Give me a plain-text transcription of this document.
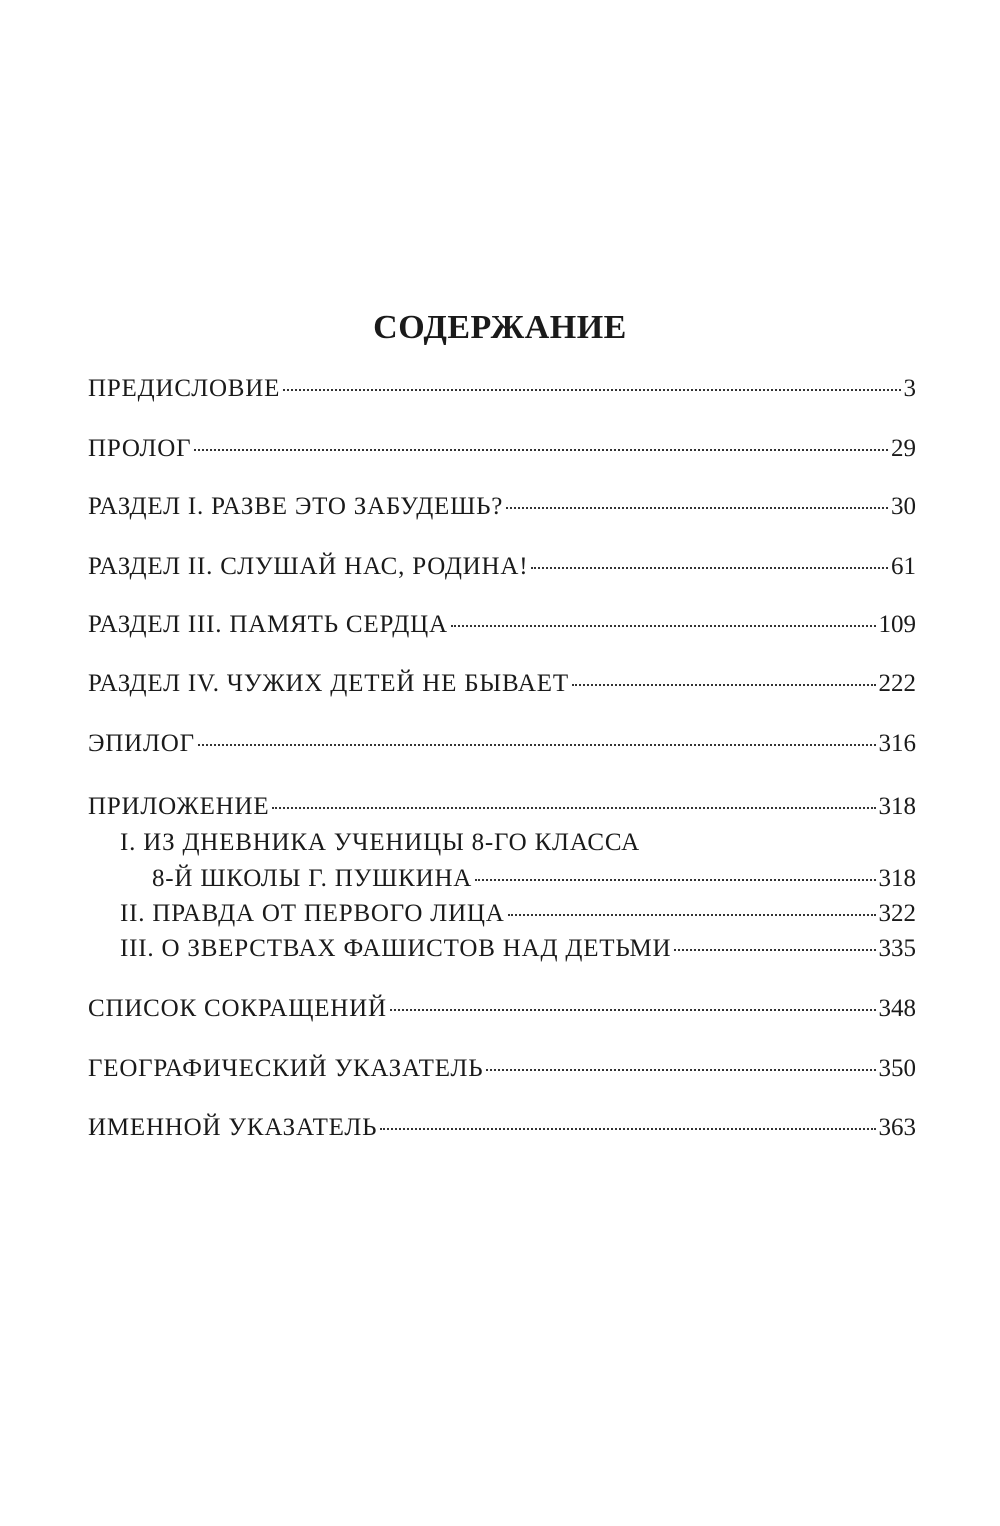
СОДЕРЖАНИЕ
ПРЕДИСЛОВИЕ	3
ПРОЛОГ	29
РАЗДЕЛ I. РАЗВЕ ЭТО ЗАБУДЕШЬ?	30
РАЗДЕЛ II. СЛУШАЙ НАС, РОДИНА!	61
РАЗДЕЛ III. ПАМЯТЬ СЕРДЦА	109
РАЗДЕЛ IV. ЧУЖИХ ДЕТЕЙ НЕ БЫВАЕТ	222
ЭПИЛОГ	316
ПРИЛОЖЕНИЕ	318
I. ИЗ ДНЕВНИКА УЧЕНИЦЫ 8-ГО КЛАССА
8-Й ШКОЛЫ Г. ПУШКИНА	318
II. ПРАВДА ОТ ПЕРВОГО ЛИЦА	322
III. О ЗВЕРСТВАХ ФАШИСТОВ НАД ДЕТЬМИ	335
СПИСОК СОКРАЩЕНИЙ	348
ГЕОГРАФИЧЕСКИЙ УКАЗАТЕЛЬ	350
ИМЕННОЙ УКАЗАТЕЛЬ	363
